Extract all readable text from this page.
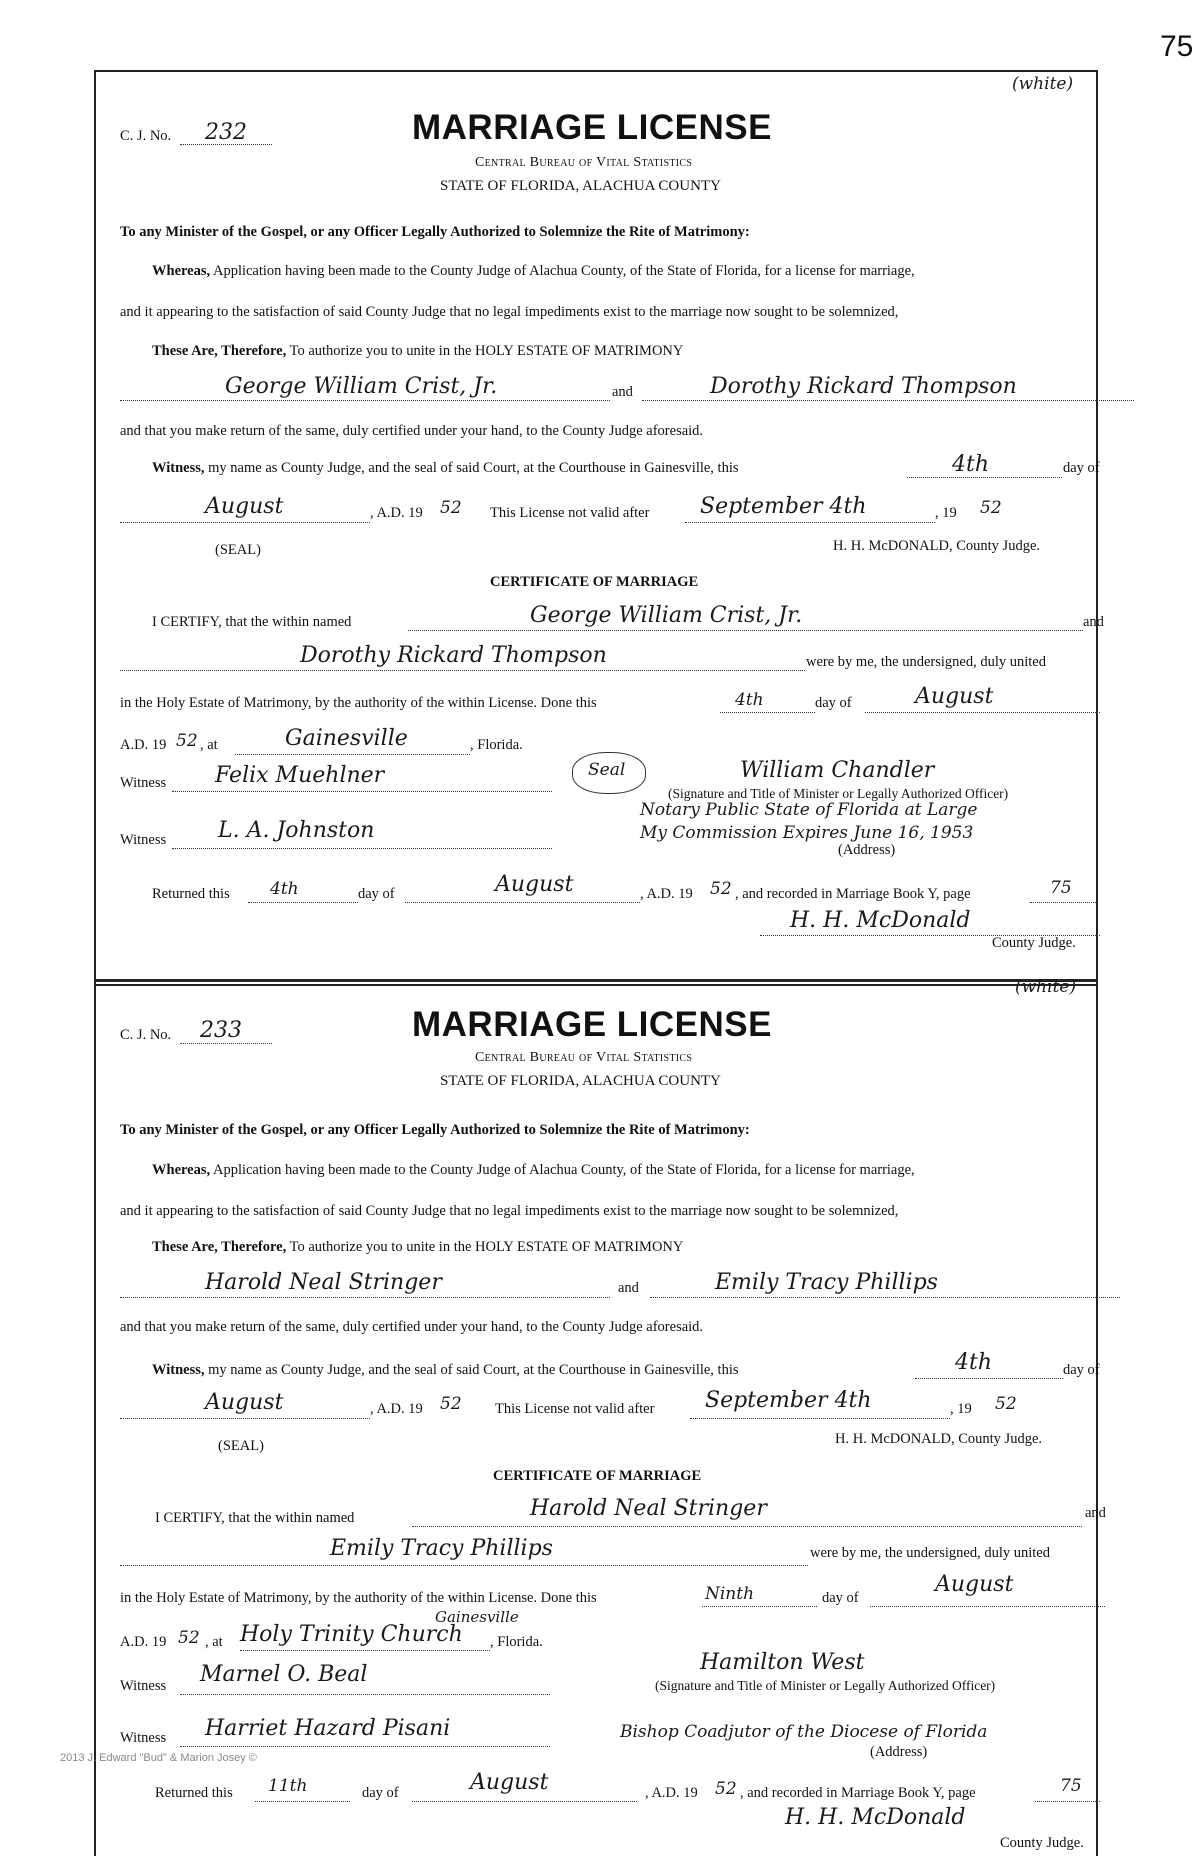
75
(white)
C. J. No. 232	MARRIAGE LICENSE
Central Bureau of Vital Statistics
STATE OF FLORIDA, ALACHUA COUNTY
To any Minister of the Gospel, or any Officer Legally Authorized to Solemnize the Rite of Matrimony:
Whereas, Application having been made to the County Judge of Alachua County, of the State of Florida, for a license for marriage,
and it appearing to the satisfaction of said County Judge that no legal impediments exist to the marriage now sought to be solemnized,
These Are, Therefore, To authorize you to unite in the HOLY ESTATE OF MATRIMONY
George William Crist, Jr.	and	Dorothy Rickard Thompson
and that you make return of the same, duly certified under your hand, to the County Judge aforesaid.
Witness, my name as County Judge, and the seal of said Court, at the Courthouse in Gainesville, this	4th	day of
August	, A.D. 19 52 This License not valid after September 4th	, 19 52
(SEAL)	H. H. McDONALD, County Judge.
CERTIFICATE OF MARRIAGE
I CERTIFY, that the within named	George William Crist, Jr.	and
Dorothy Rickard Thompson	were by me, the undersigned, duly united
in the Holy Estate of Matrimony, by the authority of the within License. Done this	4th	day of	August
A.D. 19 52 , at	Gainesville	, Florida.
Witness Felix Muehlner	Seal	William Chandler
(Signature and Title of Minister or Legally Authorized Officer)
Notary Public State of Florida at Large
Witness L. A. Johnston	My Commission Expires June 16, 1953
(Address)
Returned this 4th	day of	August	, A.D. 19 52 , and recorded in Marriage Book Y, page	75
H. H. McDonald
County Judge.
(white)
C. J. No. 233	MARRIAGE LICENSE
Central Bureau of Vital Statistics
STATE OF FLORIDA, ALACHUA COUNTY
To any Minister of the Gospel, or any Officer Legally Authorized to Solemnize the Rite of Matrimony:
Whereas, Application having been made to the County Judge of Alachua County, of the State of Florida, for a license for marriage,
and it appearing to the satisfaction of said County Judge that no legal impediments exist to the marriage now sought to be solemnized,
These Are, Therefore, To authorize you to unite in the HOLY ESTATE OF MATRIMONY
Harold Neal Stringer	and	Emily Tracy Phillips
and that you make return of the same, duly certified under your hand, to the County Judge aforesaid.
Witness, my name as County Judge, and the seal of said Court, at the Courthouse in Gainesville, this	4th	day of
August	, A.D. 19 52 This License not valid after September 4th	, 19 52
(SEAL)	H. H. McDONALD, County Judge.
CERTIFICATE OF MARRIAGE
I CERTIFY, that the within named	Harold Neal Stringer	and
Emily Tracy Phillips	were by me, the undersigned, duly united
in the Holy Estate of Matrimony, by the authority of the within License. Done this	Ninth	day of
August
Gainesville
A.D. 19 52 , at Holy Trinity Church , Florida.
Witness Marnel O. Beal	Hamilton West
(Signature and Title of Minister or Legally Authorized Officer)
Witness Harriet Hazard Pisani	Bishop Coadjutor of the Diocese of Florida
(Address)
Returned this 11th	day of	August	, A.D. 19 52 , and recorded in Marriage Book Y, page	75
H. H. McDonald
County Judge.
2013 J. Edward "Bud" & Marion Josey ©
